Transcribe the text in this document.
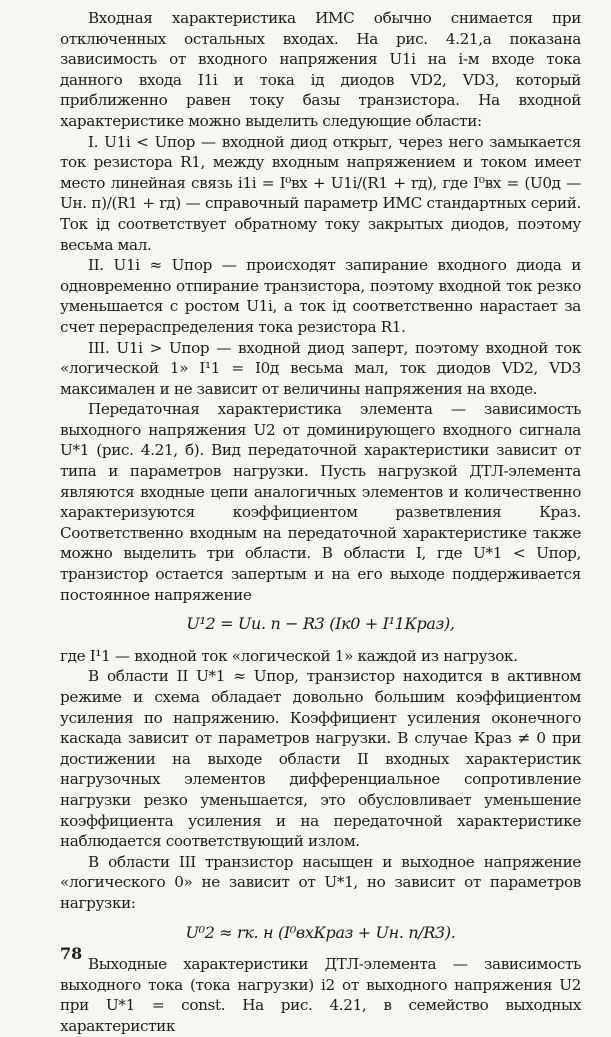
Входная характеристика ИМС обычно снимается при отключенных остальных входах. На рис. 4.21,а показана зависимость от входного напряжения U1i на i-м входе тока данного входа I1i и тока iд диодов VD2, VD3, который приближенно равен току базы транзистора. На входной характеристике можно выделить следующие области:

I. U1i < Uпор — входной диод открыт, через него замыкается ток резистора R1, между входным напряжением и током имеет место линейная связь i1i = I⁰вх + U1i/(R1 + rд), где I⁰вх = (U0д — Uн. п)/(R1 + rд) — справочный параметр ИМС стандартных серий. Ток iд соответствует обратному току закрытых диодов, поэтому весьма мал.

II. U1i ≈ Uпор — происходят запирание входного диода и одновременно отпирание транзистора, поэтому входной ток резко уменьшается с ростом U1i, а ток iд соответственно нарастает за счет перераспределения тока резистора R1.

III. U1i > Uпор — входной диод заперт, поэтому входной ток «логической 1» I¹1 = I0д весьма мал, ток диодов VD2, VD3 максимален и не зависит от величины напряжения на входе.

Передаточная характеристика элемента — зависимость выходного напряжения U2 от доминирующего входного сигнала U*1 (рис. 4.21, б). Вид передаточной характеристики зависит от типа и параметров нагрузки. Пусть нагрузкой ДТЛ-элемента являются входные цепи аналогичных элементов и количественно характеризуются коэффициентом разветвления Кpаз. Соответственно входным на передаточной характеристике также можно выделить три области. В области I, где U*1 < Uпор, транзистор остается запертым и на его выходе поддерживается постоянное напряжение

U¹2 = Uи. п − R3 (Iк0 + I¹1Кpаз),

где I¹1 — входной ток «логической 1» каждой из нагрузок.

В области II U*1 ≈ Uпор, транзистор находится в активном режиме и схема обладает довольно большим коэффициентом усиления по напряжению. Коэффициент усиления оконечного каскада зависит от параметров нагрузки. В случае Кpаз ≠ 0 при достижении на выходе области II входных характеристик нагрузочных элементов дифференциальное сопротивление нагрузки резко уменьшается, это обусловливает уменьшение коэффициента усиления и на передаточной характеристике наблюдается соответствующий излом.

В области III транзистор насыщен и выходное напряжение «логического 0» не зависит от U*1, но зависит от параметров нагрузки:

U⁰2 ≈ rк. н (I⁰вхКраз + Uн. п/R3).

Выходные характеристики ДТЛ-элемента — зависимость выходного тока (тока нагрузки) i2 от выходного напряжения U2 при U*1 = const. На рис. 4.21, в семейство выходных характеристик

78
